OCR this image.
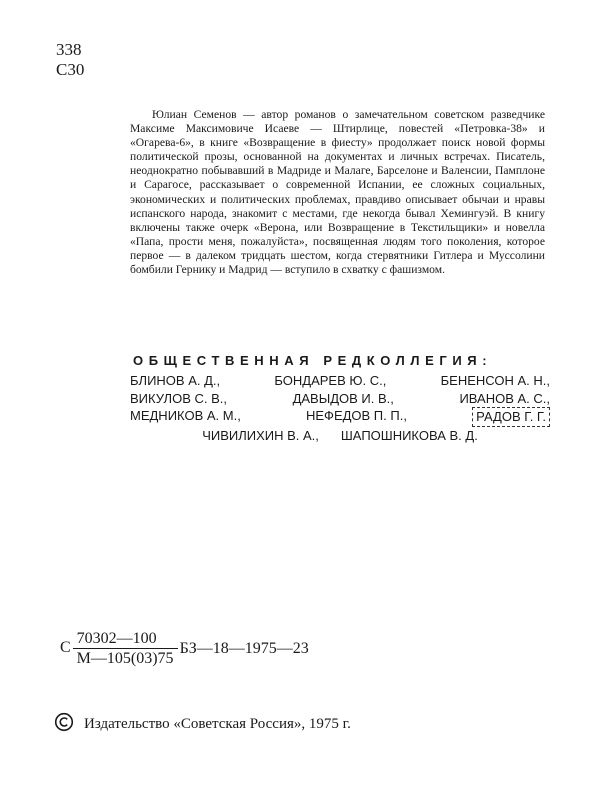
338
С30
Юлиан Семенов — автор романов о замечательном советском разведчике Максиме Максимовиче Исаеве — Штирлице, повестей «Петровка-38» и «Огарева-6», в книге «Возвращение в фиесту» продолжает поиск новой формы политической прозы, основанной на документах и личных встречах. Писатель, неоднократно побывавший в Мадриде и Малаге, Барселоне и Валенсии, Памплоне и Сарагосе, рассказывает о современной Испании, ее сложных социальных, экономических и политических проблемах, правдиво описывает обычаи и нравы испанского народа, знакомит с местами, где некогда бывал Хемингуэй. В книгу включены также очерк «Верона, или Возвращение в Текстильщики» и новелла «Папа, прости меня, пожалуйста», посвященная людям того поколения, которое первое — в далеком тридцать шестом, когда стервятники Гитлера и Муссолини бомбили Гернику и Мадрид — вступило в схватку с фашизмом.
ОБЩЕСТВЕННАЯ РЕДКОЛЛЕГИЯ:
БЛИНОВ А. Д.,	БОНДАРЕВ Ю. С.,	БЕНЕНСОН А. Н.,
ВИКУЛОВ С. В.,	ДАВЫДОВ И. В.,	ИВАНОВ А. С.,
МЕДНИКОВ А. М.,	НЕФЕДОВ П. П.,	РАДОВ Г. Г.
ЧИВИЛИХИН В. А., ШАПОШНИКОВА В. Д.
С $\frac{70302—100}{М—105(03)75}$ БЗ—18—1975—23
Издательство «Советская Россия», 1975 г.
